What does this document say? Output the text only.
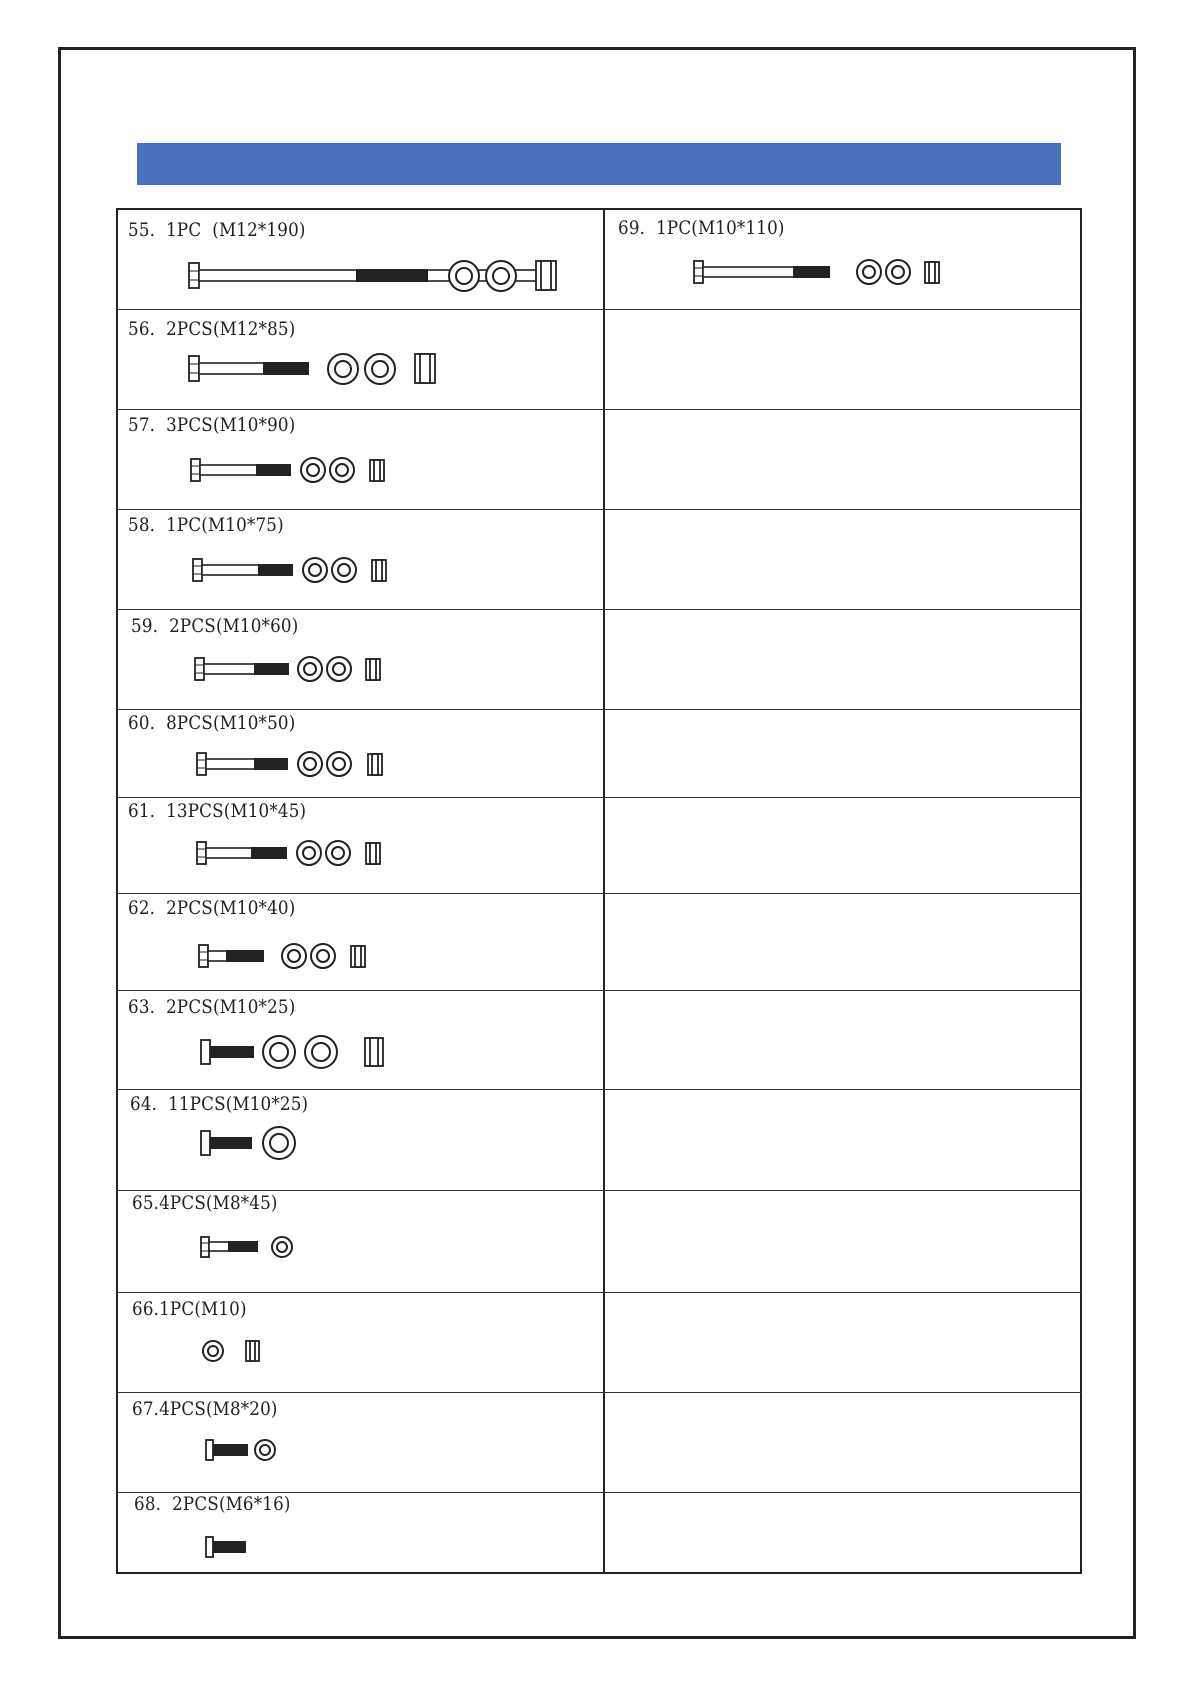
55.  1PC  (M12*190)
56.  2PCS(M12*85)
57.  3PCS(M10*90)
58.  1PC(M10*75)
59.  2PCS(M10*60)
60.  8PCS(M10*50)
61.  13PCS(M10*45)
62.  2PCS(M10*40)
63.  2PCS(M10*25)
64.  11PCS(M10*25)
65.4PCS(M8*45)
66.1PC(M10)
67.4PCS(M8*20)
68.  2PCS(M6*16)
69.  1PC(M10*110)
